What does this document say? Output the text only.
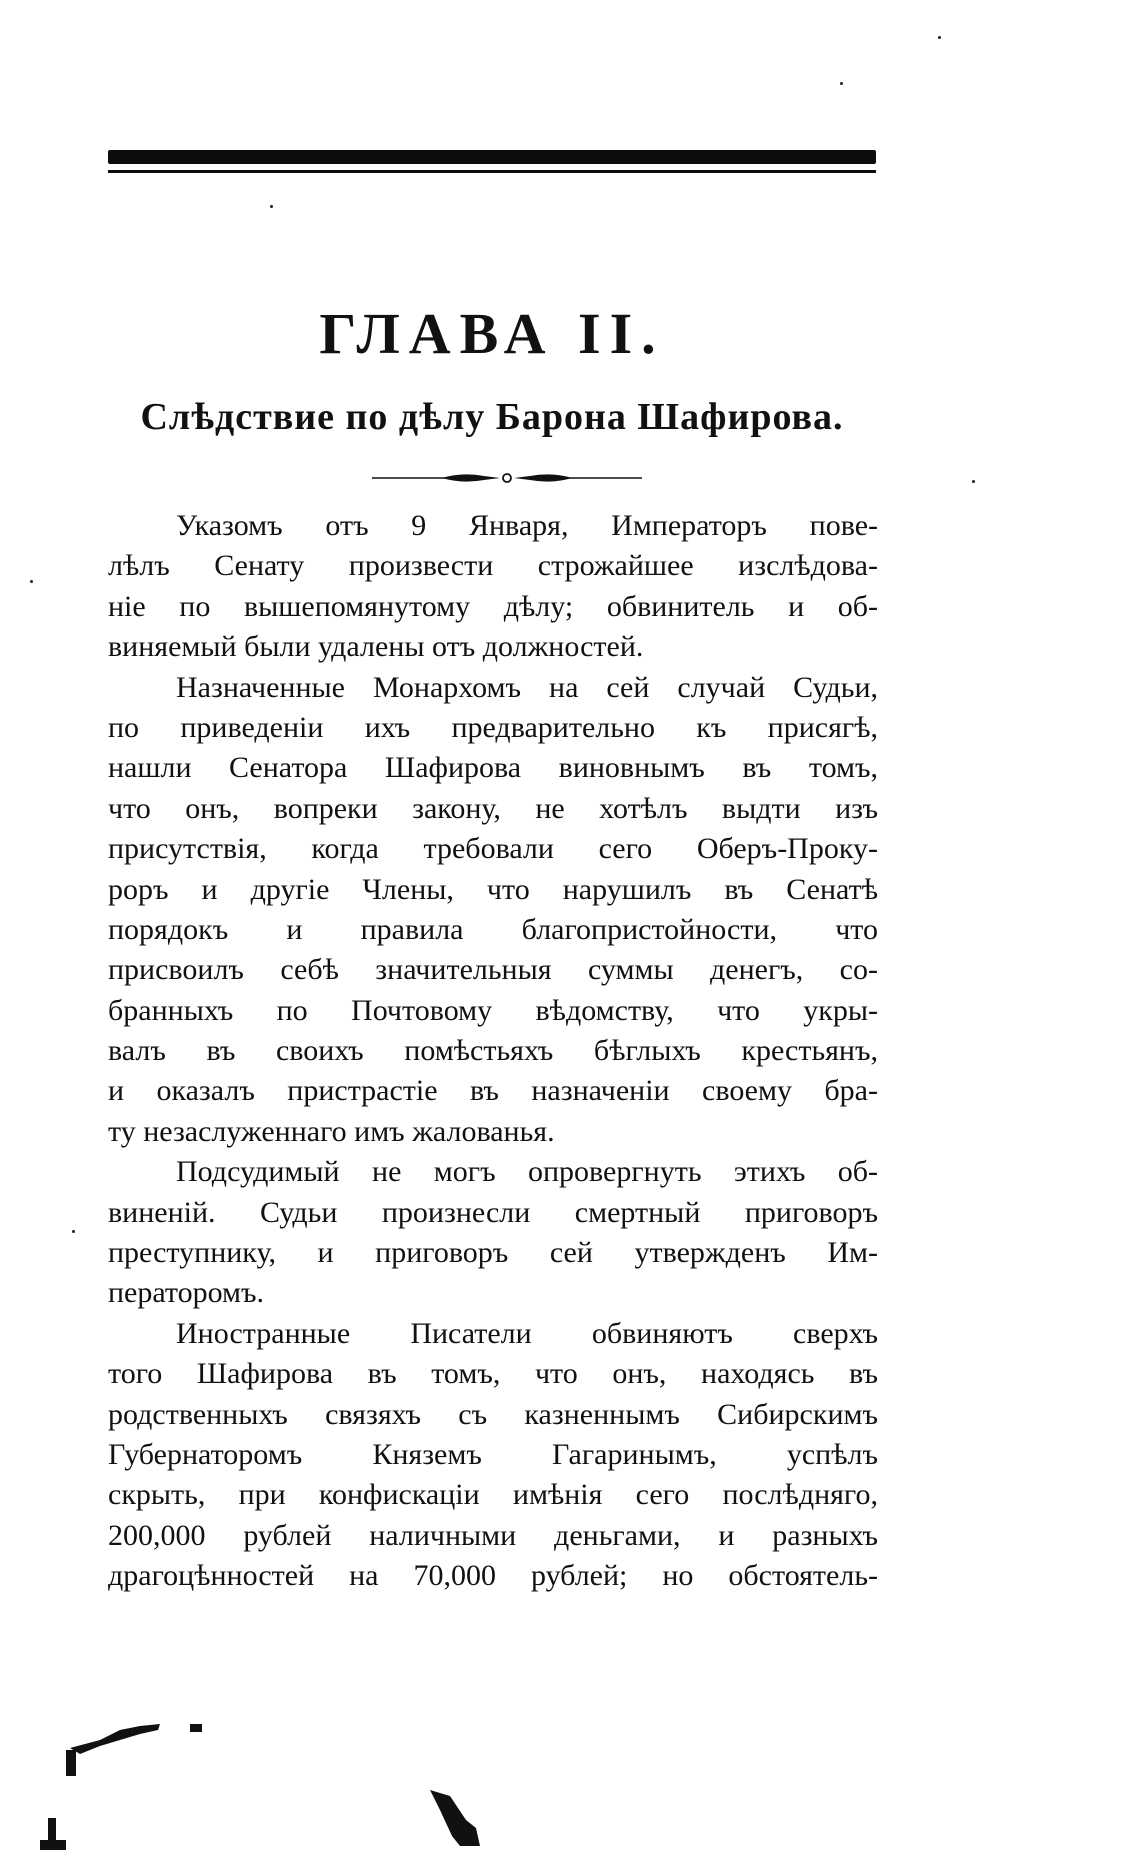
ГЛАВА II.
Слѣдствие по дѣлу Барона Шафирова.
Указомъ отъ 9 Января, Императоръ пове-
лѣлъ Сенату произвести строжайшее изслѣдова-
ніе по вышепомянутому дѣлу; обвинитель и об-
виняемый были удалены отъ должностей.
Назначенные Монархомъ на сей случай Судьи,
по приведеніи ихъ предварительно къ присягѣ,
нашли Сенатора Шафирова виновнымъ въ томъ,
что онъ, вопреки закону, не хотѣлъ выдти изъ
присутствія, когда требовали сего Оберъ-Проку-
роръ и другіе Члены, что нарушилъ въ Сенатѣ
порядокъ и правила благопристойности, что
присвоилъ себѣ значительныя суммы денегъ, со-
бранныхъ по Почтовому вѣдомству, что укры-
валъ въ своихъ помѣстьяхъ бѣглыхъ крестьянъ,
и оказалъ пристрастіе въ назначеніи своему бра-
ту незаслуженнаго имъ жалованья.
Подсудимый не могъ опровергнуть этихъ об-
виненій. Судьи произнесли смертный приговоръ
преступнику, и приговоръ сей утвержденъ Им-
ператоромъ.
Иностранные Писатели обвиняютъ сверхъ
того Шафирова въ томъ, что онъ, находясь въ
родственныхъ связяхъ съ казненнымъ Сибирскимъ
Губернаторомъ Княземъ Гагаринымъ, успѣлъ
скрыть, при конфискаціи имѣнія сего послѣдняго,
200,000 рублей наличными деньгами, и разныхъ
драгоцѣнностей на 70,000 рублей; но обстоятель-
